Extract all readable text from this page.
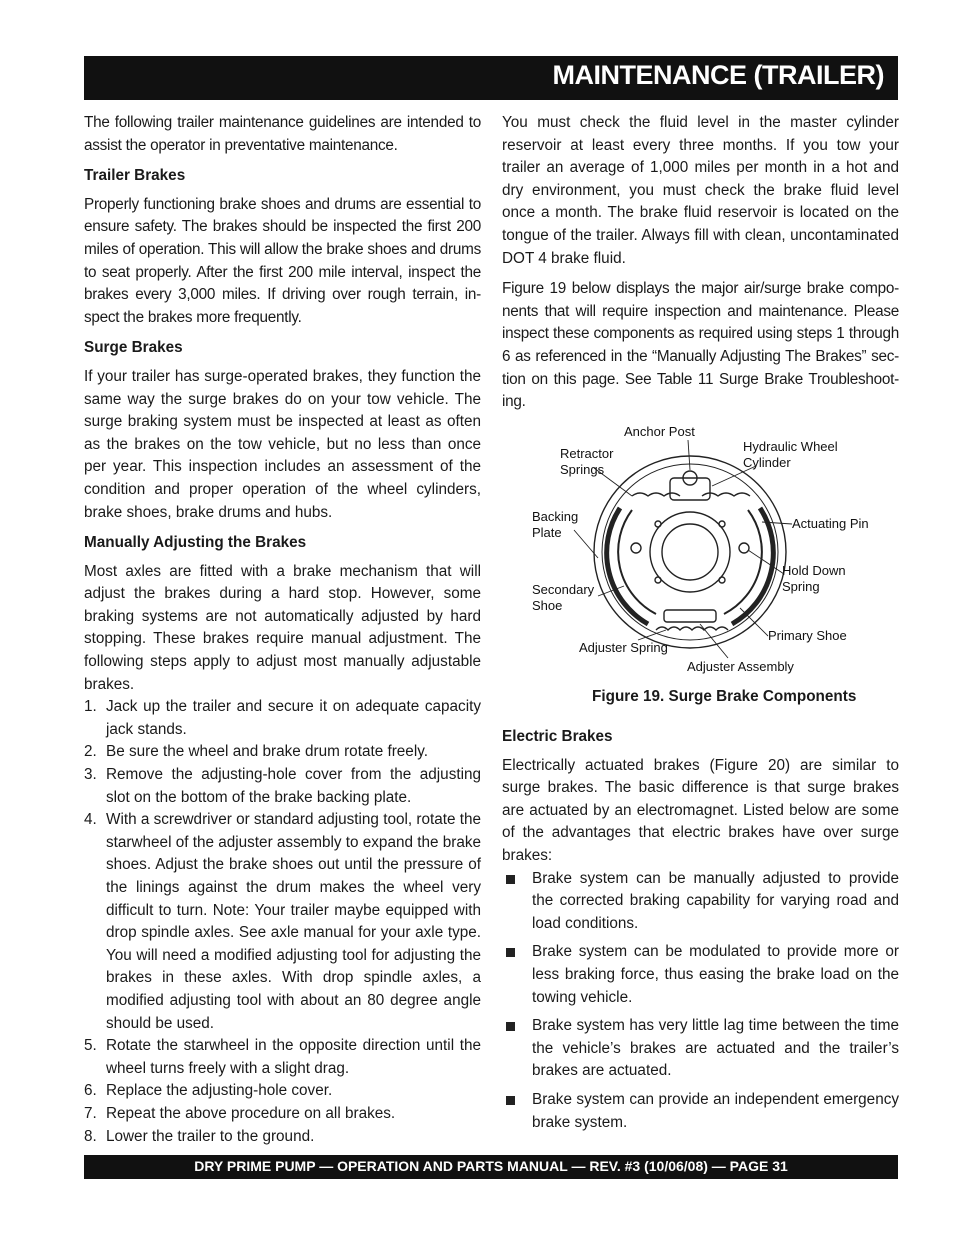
MAINTENANCE (TRAILER)

The following trailer maintenance guidelines are intended to assist the operator in preventative maintenance.

Trailer Brakes

Properly functioning brake shoes and drums are essential to ensure safety. The brakes should be inspected the first 200 miles of operation. This will allow the brake shoes and drums to seat properly. After the first 200 mile interval, inspect the brakes every 3,000 miles. If driving over rough terrain, in-spect the brakes more frequently.

Surge Brakes

If your trailer has surge-operated brakes, they function the same way the surge brakes do on your tow vehicle. The surge braking system must be inspected at least as often as the brakes on the tow vehicle, but no less than once per year. This inspection includes an assessment of the condition and proper operation of the wheel cylinders, brake shoes, brake drums and hubs.

Manually Adjusting the Brakes

Most axles are fitted with a brake mechanism that will adjust the brakes during a hard stop. However, some braking systems are not automatically adjusted by hard stopping. These brakes require manual adjustment. The following steps apply to adjust most manually adjustable brakes.

1. Jack up the trailer and secure it on adequate capacity jack stands.
2. Be sure the wheel and brake drum rotate freely.
3. Remove the adjusting-hole cover from the adjusting slot on the bottom of the brake backing plate.
4. With a screwdriver or standard adjusting tool, rotate the starwheel of the adjuster assembly to expand the brake shoes. Adjust the brake shoes out until the pressure of the linings against the drum makes the wheel very difficult to turn. Note: Your trailer maybe equipped with drop spindle axles. See axle manual for your axle type. You will need a modified adjusting tool for adjusting the brakes in these axles. With drop spindle axles, a modified adjusting tool with about an 80 degree angle should be used.
5. Rotate the starwheel in the opposite direction until the wheel turns freely with a slight drag.
6. Replace the adjusting-hole cover.
7. Repeat the above procedure on all brakes.
8. Lower the trailer to the ground.

You must check the fluid level in the master cylinder reservoir at least every three months. If you tow your trailer an average of 1,000 miles per month in a hot and dry environment, you must check the brake fluid level once a month. The brake fluid reservoir is located on the tongue of the trailer. Always fill with clean, uncontaminated DOT 4 brake fluid.

Figure 19 below displays the major air/surge brake compo-nents that will require inspection and maintenance. Please inspect these components as required using steps 1 through 6 as referenced in the “Manually Adjusting The Brakes” sec-tion on this page. See Table 11 Surge Brake Troubleshoot-ing.

Anchor Post
Retractor Springs
Hydraulic Wheel Cylinder
Backing Plate
Actuating Pin
Hold Down Spring
Secondary Shoe
Primary Shoe
Adjuster Spring
Adjuster Assembly
Figure 19. Surge Brake Components
Electric Brakes

Electrically actuated brakes (Figure 20) are similar to surge brakes. The basic difference is that surge brakes are actuated by an electromagnet. Listed below are some of the advantages that electric brakes have over surge brakes:

Brake system can be manually adjusted to provide the corrected braking capability for varying road and load conditions.
Brake system can be modulated to provide more or less braking force, thus easing the brake load on the towing vehicle.
Brake system has very little lag time between the time the vehicle’s brakes are actuated and the trailer’s brakes are actuated.
Brake system can provide an independent emergency brake system.
DRY PRIME PUMP — OPERATION AND PARTS MANUAL — REV. #3 (10/06/08) — PAGE 31
